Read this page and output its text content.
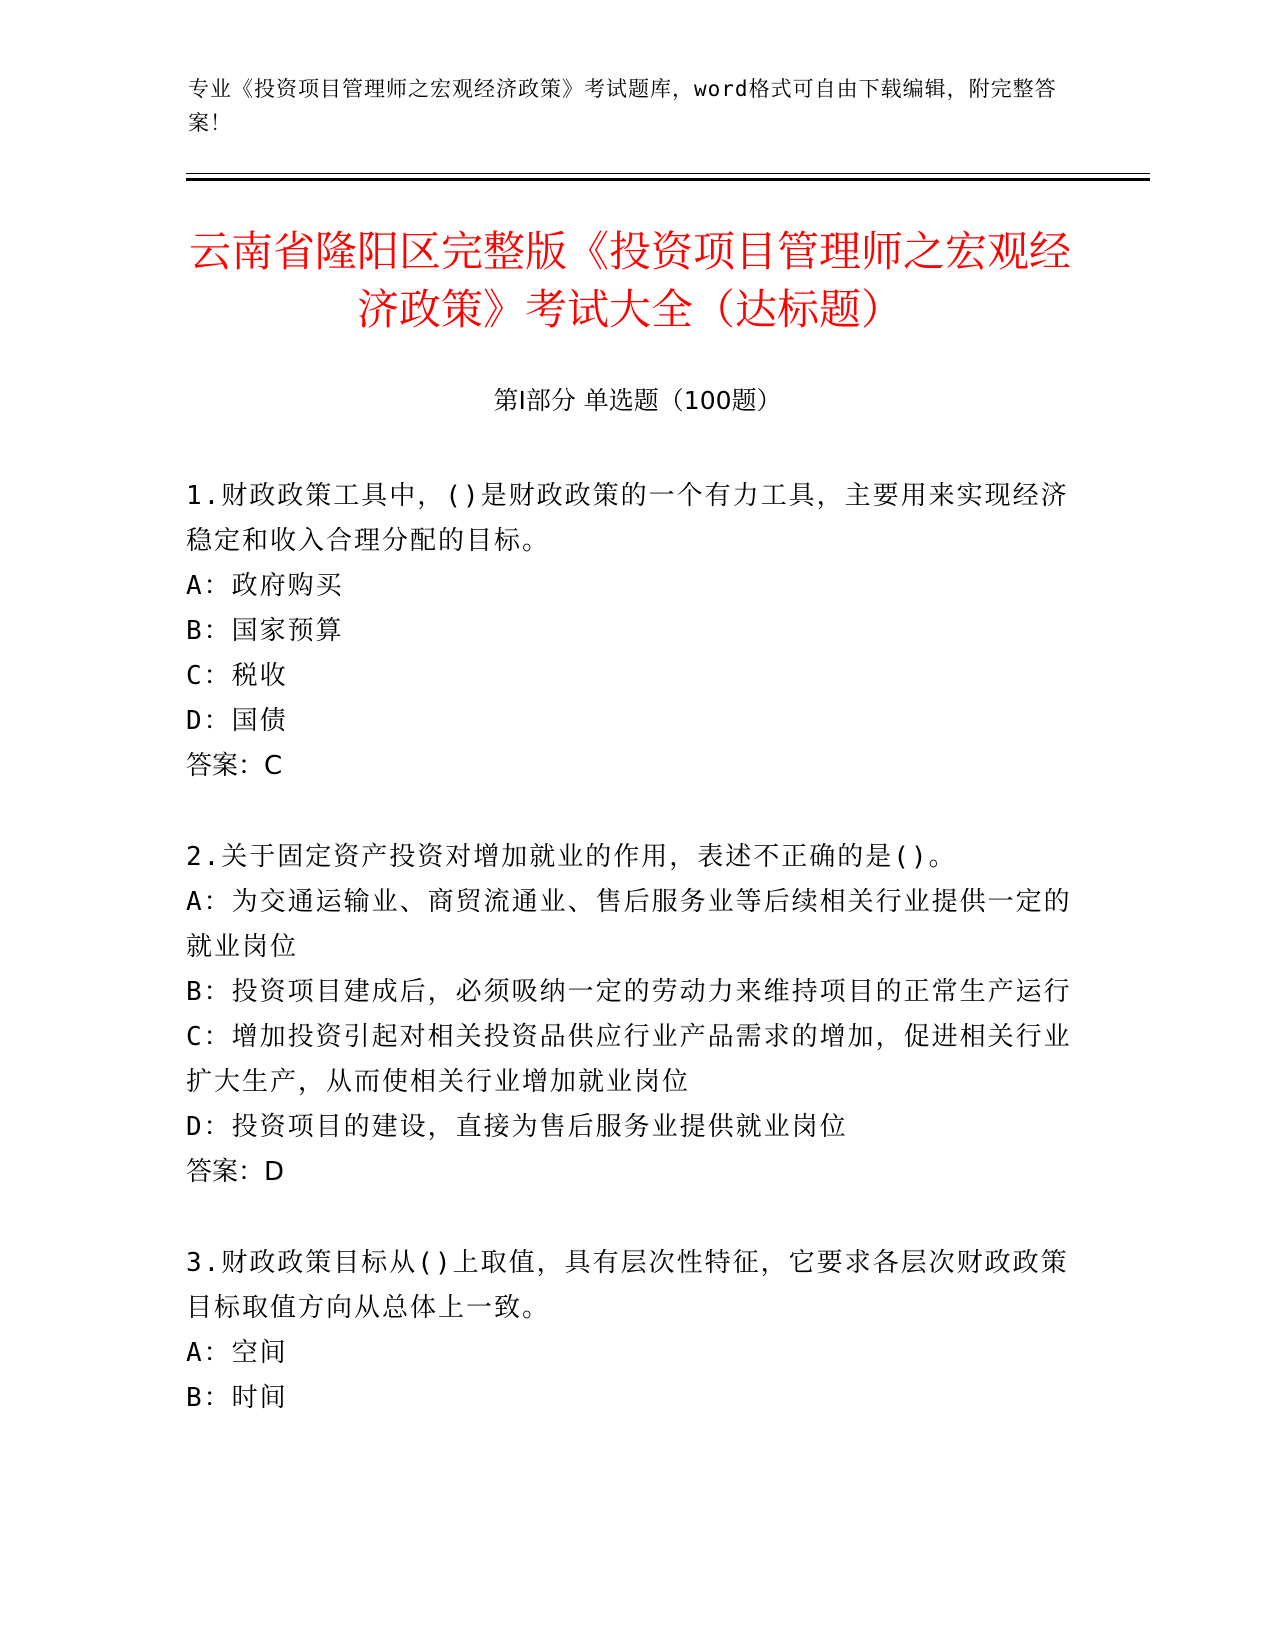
专业《投资项目管理师之宏观经济政策》考试题库，word格式可自由下载编辑，附完整答案！
云南省隆阳区完整版《投资项目管理师之宏观经济政策》考试大全（达标题）
第Ⅰ部分 单选题（100题）
1.财政政策工具中，()是财政政策的一个有力工具，主要用来实现经济稳定和收入合理分配的目标。
A：政府购买
B：国家预算
C：税收
D：国债
答案：C
2.关于固定资产投资对增加就业的作用，表述不正确的是()。
A：为交通运输业、商贸流通业、售后服务业等后续相关行业提供一定的就业岗位
B：投资项目建成后，必须吸纳一定的劳动力来维持项目的正常生产运行
C：增加投资引起对相关投资品供应行业产品需求的增加，促进相关行业扩大生产，从而使相关行业增加就业岗位
D：投资项目的建设，直接为售后服务业提供就业岗位
答案：D
3.财政政策目标从()上取值，具有层次性特征，它要求各层次财政政策目标取值方向从总体上一致。
A：空间
B：时间
